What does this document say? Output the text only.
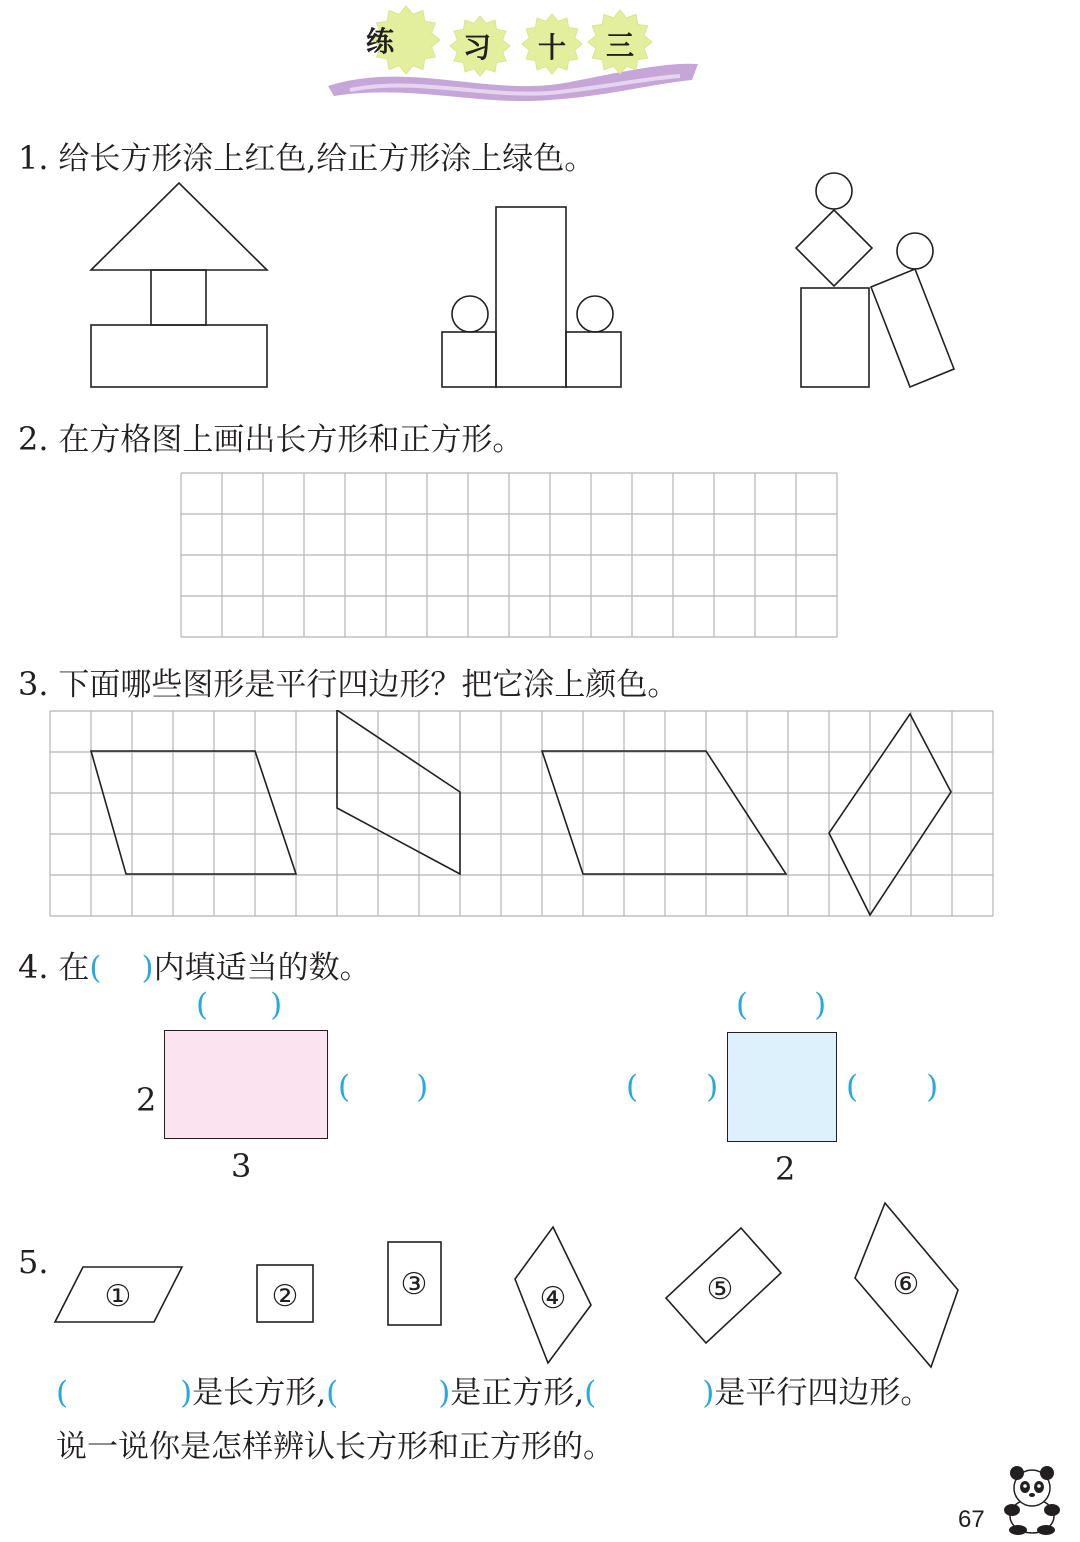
练 习 十 三
1. 给长方形涂上红色,给正方形涂上绿色。
2. 在方格图上画出长方形和正方形。
3. 下面哪些图形是平行四边形？把它涂上颜色。
4. 在( )内填适当的数。
2
3
( )
( )
2
( )
( )	( )
5.
①	②	③	④	⑤	⑥
(	)是长方形,(	)是正方形,(	)是平行四边形。
说一说你是怎样辨认长方形和正方形的。
67
